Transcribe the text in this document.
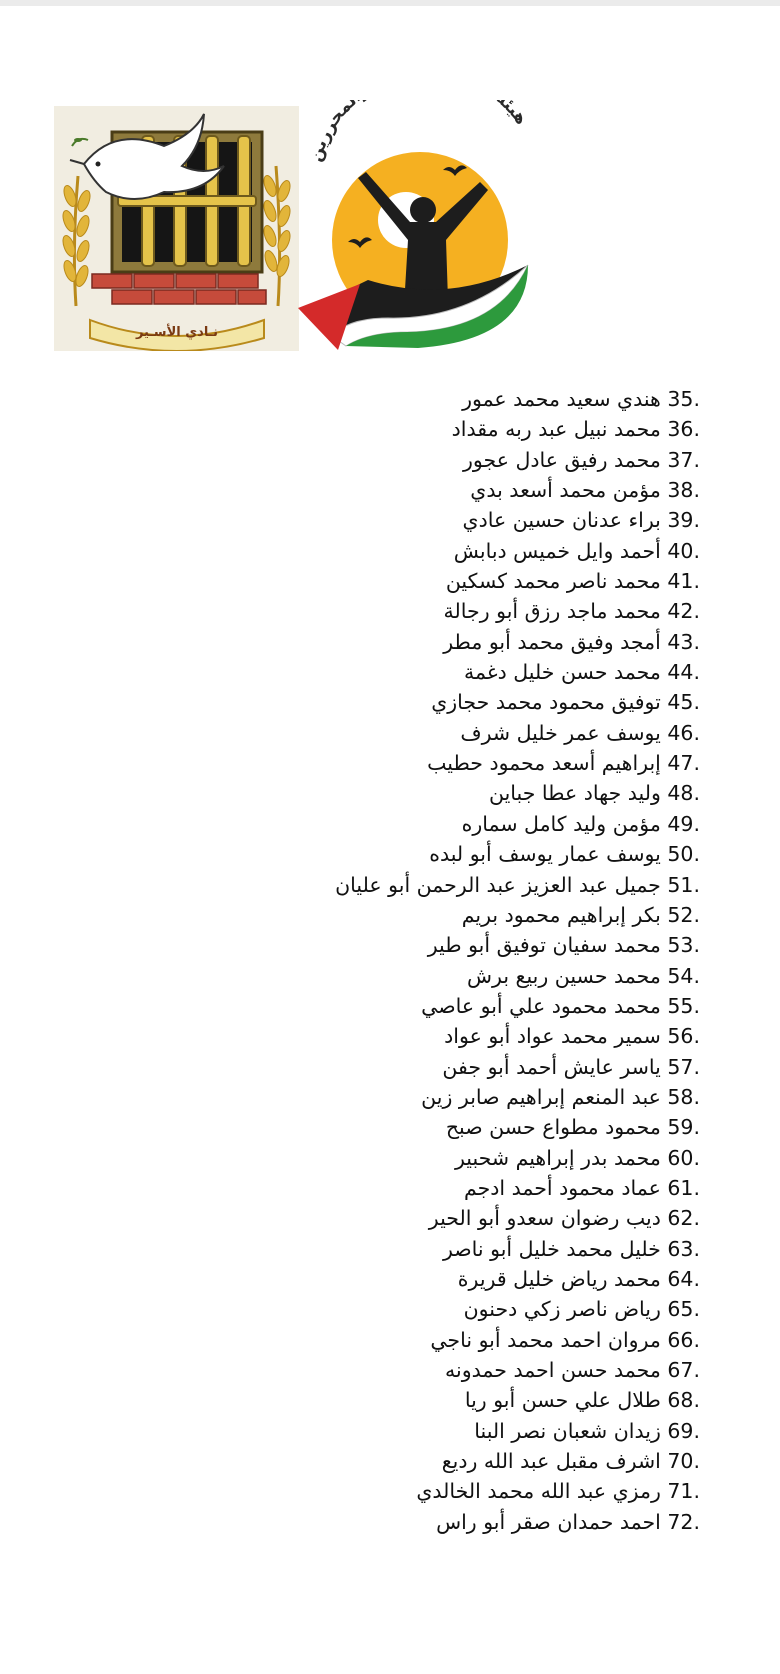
نـادي الأسـير
هيئ لمحررين
35. هندي سعيد محمد عمور
36. محمد نبيل عبد ربه مقداد
37. محمد رفيق عادل عجور
38. مؤمن محمد أسعد بدي
39. براء عدنان حسين عادي
40. أحمد وايل خميس دبابش
41. محمد ناصر محمد كسكين
42. محمد ماجد رزق أبو رجالة
43. أمجد وفيق محمد أبو مطر
44. محمد حسن خليل دغمة
45. توفيق محمود محمد حجازي
46. يوسف عمر خليل شرف
47. إبراهيم أسعد محمود حطيب
48. وليد جهاد عطا جباين
49. مؤمن وليد كامل سماره
50. يوسف عمار يوسف أبو لبده
51. جميل عبد العزيز عبد الرحمن أبو عليان
52. بكر إبراهيم محمود بريم
53. محمد سفيان توفيق أبو طير
54. محمد حسين ربيع برش
55. محمد محمود علي أبو عاصي
56. سمير محمد عواد أبو عواد
57. ياسر عايش أحمد أبو جفن
58. عبد المنعم إبراهيم صابر زين
59. محمود مطواع حسن صبح
60. محمد بدر إبراهيم شحبير
61. عماد محمود أحمد ادجم
62. ديب رضوان سعدو أبو الحير
63. خليل محمد خليل أبو ناصر
64. محمد رياض خليل قريرة
65. رياض ناصر زكي دحنون
66. مروان احمد محمد أبو ناجي
67. محمد حسن احمد حمدونه
68. طلال علي حسن أبو ريا
69. زيدان شعبان نصر البنا
70. اشرف مقبل عبد الله رديع
71. رمزي عبد الله محمد الخالدي
72. احمد حمدان صقر أبو راس
